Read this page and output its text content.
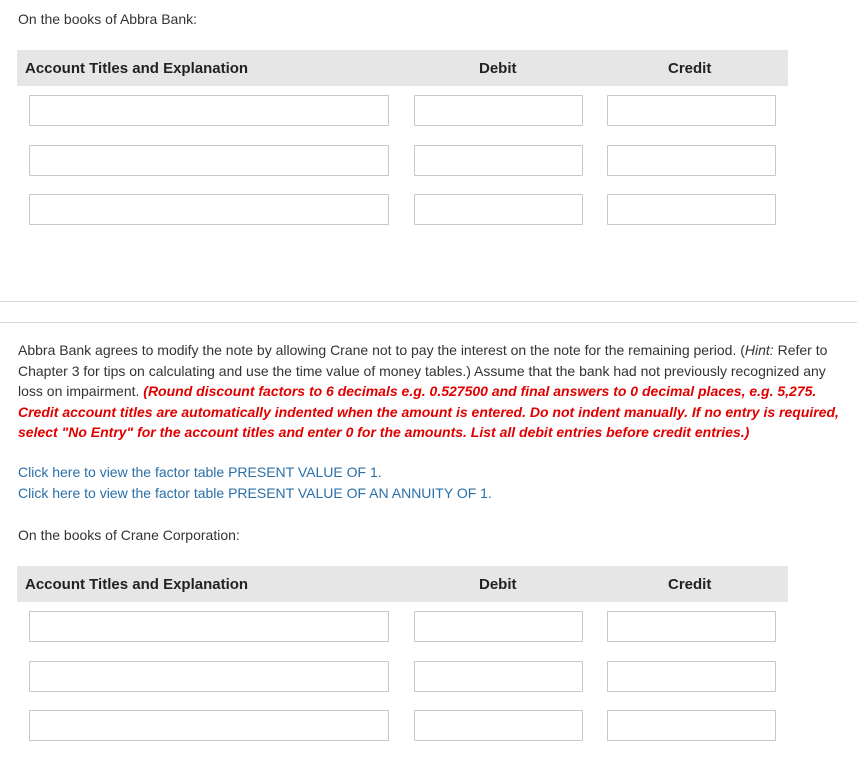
On the books of Abbra Bank:
Account Titles and Explanation	Debit	Credit
Abbra Bank agrees to modify the note by allowing Crane not to pay the interest on the note for the remaining period. (Hint: Refer to Chapter 3 for tips on calculating and use the time value of money tables.) Assume that the bank had not previously recognized any loss on impairment. (Round discount factors to 6 decimals e.g. 0.527500 and final answers to 0 decimal places, e.g. 5,275. Credit account titles are automatically indented when the amount is entered. Do not indent manually. If no entry is required, select "No Entry" for the account titles and enter 0 for the amounts. List all debit entries before credit entries.)
Click here to view the factor table PRESENT VALUE OF 1.
Click here to view the factor table PRESENT VALUE OF AN ANNUITY OF 1.
On the books of Crane Corporation:
Account Titles and Explanation	Debit	Credit
